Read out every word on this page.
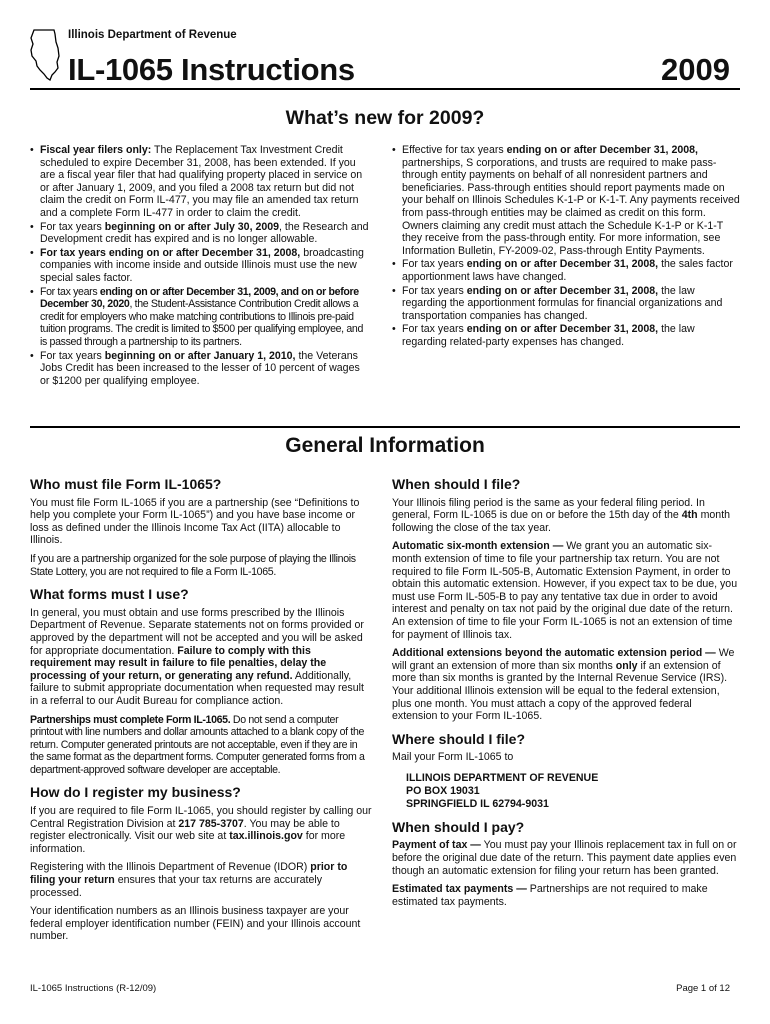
Illinois Department of Revenue
IL-1065 Instructions	2009
What’s new for 2009?
• Fiscal year filers only: The Replacement Tax Investment Credit scheduled to expire December 31, 2008, has been extended. If you are a fiscal year filer that had qualifying property placed in service on or after January 1, 2009, and you filed a 2008 tax return but did not claim the credit on Form IL-477, you may file an amended tax return and a complete Form IL-477 in order to claim the credit.
• For tax years beginning on or after July 30, 2009, the Research and Development credit has expired and is no longer allowable.
• For tax years ending on or after December 31, 2008, broadcasting companies with income inside and outside Illinois must use the new special sales factor.
• For tax years ending on or after December 31, 2009, and on or before December 30, 2020, the Student-Assistance Contribution Credit allows a credit for employers who make matching contributions to Illinois pre-paid tuition programs. The credit is limited to $500 per qualifying employee, and is passed through a partnership to its partners.
• For tax years beginning on or after January 1, 2010, the Veterans Jobs Credit has been increased to the lesser of 10 percent of wages or $1200 per qualifying employee.
• Effective for tax years ending on or after December 31, 2008, partnerships, S corporations, and trusts are required to make pass-through entity payments on behalf of all nonresident partners and beneficiaries. Pass-through entities should report payments made on your behalf on Illinois Schedules K-1-P or K-1-T. Any payments received from pass-through entities may be claimed as credit on this form. Owners claiming any credit must attach the Schedule K-1-P or K-1-T they receive from the pass-through entity. For more information, see Information Bulletin, FY-2009-02, Pass-through Entity Payments.
• For tax years ending on or after December 31, 2008, the sales factor apportionment laws have changed.
• For tax years ending on or after December 31, 2008, the law regarding the apportionment formulas for financial organizations and transportation companies has changed.
• For tax years ending on or after December 31, 2008, the law regarding related-party expenses has changed.
General Information
Who must file Form IL-1065?

You must file Form IL-1065 if you are a partnership (see “Definitions to help you complete your Form IL-1065”) and you have base income or loss as defined under the Illinois Income Tax Act (IITA) allocable to Illinois.

If you are a partnership organized for the sole purpose of playing the Illinois State Lottery, you are not required to file a Form IL-1065.

What forms must I use?

In general, you must obtain and use forms prescribed by the Illinois Department of Revenue. Separate statements not on forms provided or approved by the department will not be accepted and you will be asked for appropriate documentation. Failure to comply with this requirement may result in failure to file penalties, delay the processing of your return, or generating any refund. Additionally, failure to submit appropriate documentation when requested may result in a referral to our Audit Bureau for compliance action.

Partnerships must complete Form IL-1065. Do not send a computer printout with line numbers and dollar amounts attached to a blank copy of the return. Computer generated printouts are not acceptable, even if they are in the same format as the department forms. Computer generated forms from a department-approved software developer are acceptable.

How do I register my business?

If you are required to file Form IL-1065, you should register by calling our Central Registration Division at 217 785-3707. You may be able to register electronically. Visit our web site at tax.illinois.gov for more information.

Registering with the Illinois Department of Revenue (IDOR) prior to filing your return ensures that your tax returns are accurately processed.

Your identification numbers as an Illinois business taxpayer are your federal employer identification number (FEIN) and your Illinois account number.

When should I file?

Your Illinois filing period is the same as your federal filing period. In general, Form IL-1065 is due on or before the 15th day of the 4th month following the close of the tax year.

Automatic six-month extension — We grant you an automatic six-month extension of time to file your partnership tax return. You are not required to file Form IL-505-B, Automatic Extension Payment, in order to obtain this automatic extension. However, if you expect tax to be due, you must use Form IL-505-B to pay any tentative tax due in order to avoid interest and penalty on tax not paid by the original due date of the return. An extension of time to file your Form IL-1065 is not an extension of time for payment of Illinois tax.

Additional extensions beyond the automatic extension period — We will grant an extension of more than six months only if an extension of more than six months is granted by the Internal Revenue Service (IRS). Your additional Illinois extension will be equal to the federal extension, plus one month. You must attach a copy of the approved federal extension to your Form IL-1065.

Where should I file?

Mail your Form IL-1065 to

ILLINOIS DEPARTMENT OF REVENUE
PO BOX 19031
SPRINGFIELD IL 62794-9031
When should I pay?

Payment of tax — You must pay your Illinois replacement tax in full on or before the original due date of the return. This payment date applies even though an automatic extension for filing your return has been granted.

Estimated tax payments — Partnerships are not required to make estimated tax payments.

IL-1065 Instructions (R-12/09)	Page 1 of 12
